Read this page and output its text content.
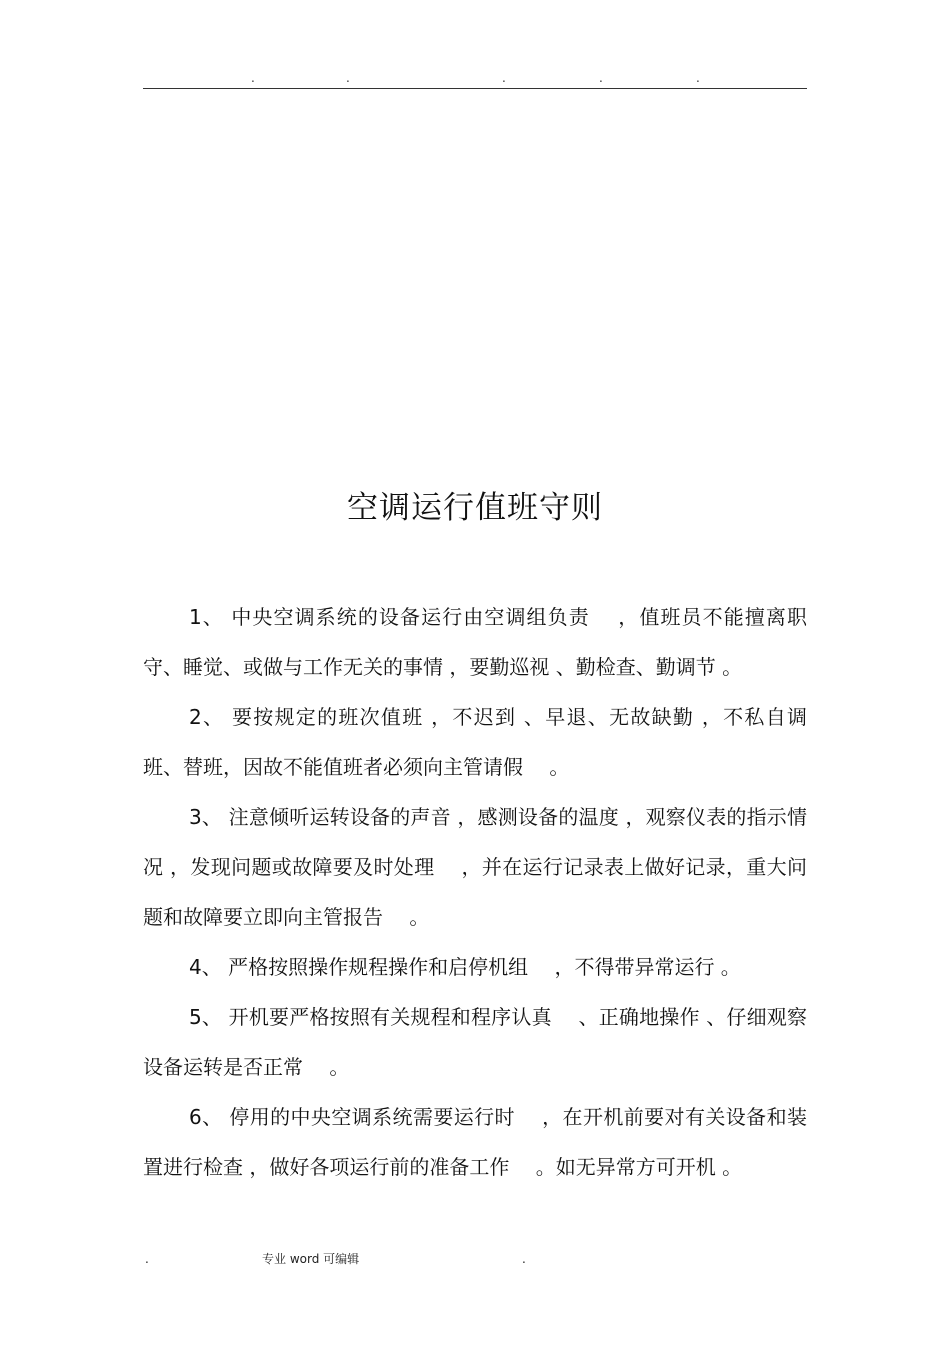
.	.	.	.	.
空调运行值班守则

1、 中央空调系统的设备运行由空调组负责　 ，值班员不能擅离职守、睡觉、或做与工作无关的事情 ，要勤巡视 、勤检查、勤调节 。

2、 要按规定的班次值班 ，不迟到 、早退、无故缺勤 ，不私自调班、替班，因故不能值班者必须向主管请假　 。

3、 注意倾听运转设备的声音 ，感测设备的温度 ，观察仪表的指示情况 ，发现问题或故障要及时处理　 ，并在运行记录表上做好记录，重大问题和故障要立即向主管报告　 。

4、 严格按照操作规程操作和启停机组　 ，不得带异常运行 。

5、 开机要严格按照有关规程和程序认真　 、正确地操作 、仔细观察设备运转是否正常　 。

6、 停用的中央空调系统需要运行时　 ，在开机前要对有关设备和装置进行检查 ，做好各项运行前的准备工作　 。如无异常方可开机 。

.	专业 word 可编辑	.
